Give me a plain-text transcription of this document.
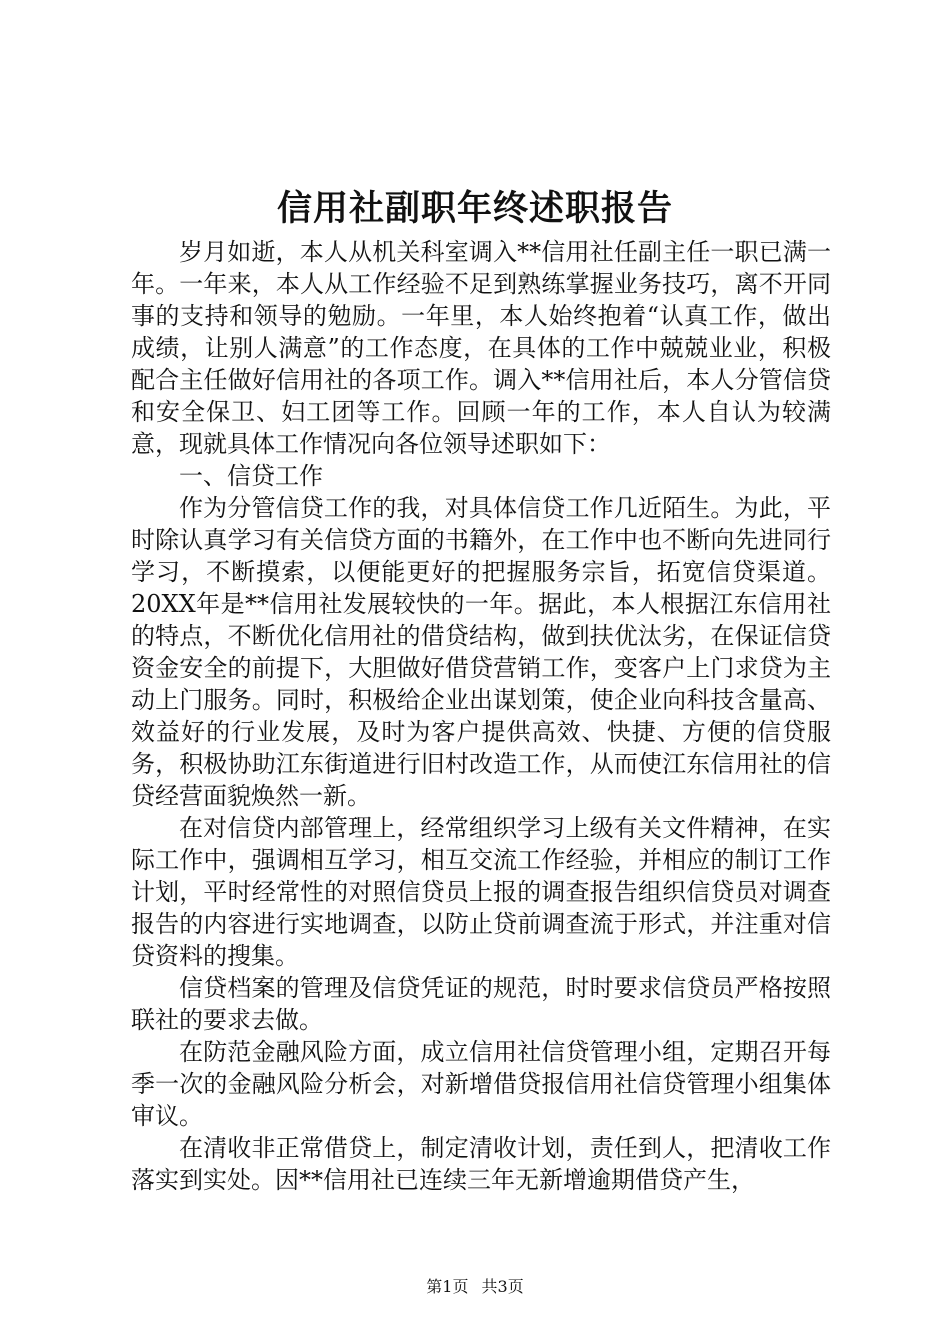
信用社副职年终述职报告

岁月如逝，本人从机关科室调入**信用社任副主任一职已满一年。一年来，本人从工作经验不足到熟练掌握业务技巧，离不开同事的支持和领导的勉励。一年里，本人始终抱着“认真工作，做出成绩，让别人满意”的工作态度，在具体的工作中兢兢业业，积极配合主任做好信用社的各项工作。调入**信用社后，本人分管信贷和安全保卫、妇工团等工作。回顾一年的工作，本人自认为较满意，现就具体工作情况向各位领导述职如下：

一、信贷工作

作为分管信贷工作的我，对具体信贷工作几近陌生。为此，平时除认真学习有关信贷方面的书籍外，在工作中也不断向先进同行学习，不断摸索，以便能更好的把握服务宗旨，拓宽信贷渠道。20XX年是**信用社发展较快的一年。据此，本人根据江东信用社的特点，不断优化信用社的借贷结构，做到扶优汰劣，在保证信贷资金安全的前提下，大胆做好借贷营销工作，变客户上门求贷为主动上门服务。同时，积极给企业出谋划策，使企业向科技含量高、效益好的行业发展，及时为客户提供高效、快捷、方便的信贷服务，积极协助江东街道进行旧村改造工作，从而使江东信用社的信贷经营面貌焕然一新。

在对信贷内部管理上，经常组织学习上级有关文件精神，在实际工作中，强调相互学习，相互交流工作经验，并相应的制订工作计划，平时经常性的对照信贷员上报的调查报告组织信贷员对调查报告的内容进行实地调查，以防止贷前调查流于形式，并注重对信贷资料的搜集。

信贷档案的管理及信贷凭证的规范，时时要求信贷员严格按照联社的要求去做。

在防范金融风险方面，成立信用社信贷管理小组，定期召开每季一次的金融风险分析会，对新增借贷报信用社信贷管理小组集体审议。

在清收非正常借贷上，制定清收计划，责任到人，把清收工作落实到实处。因**信用社已连续三年无新增逾期借贷产生，

第1页 共3页
